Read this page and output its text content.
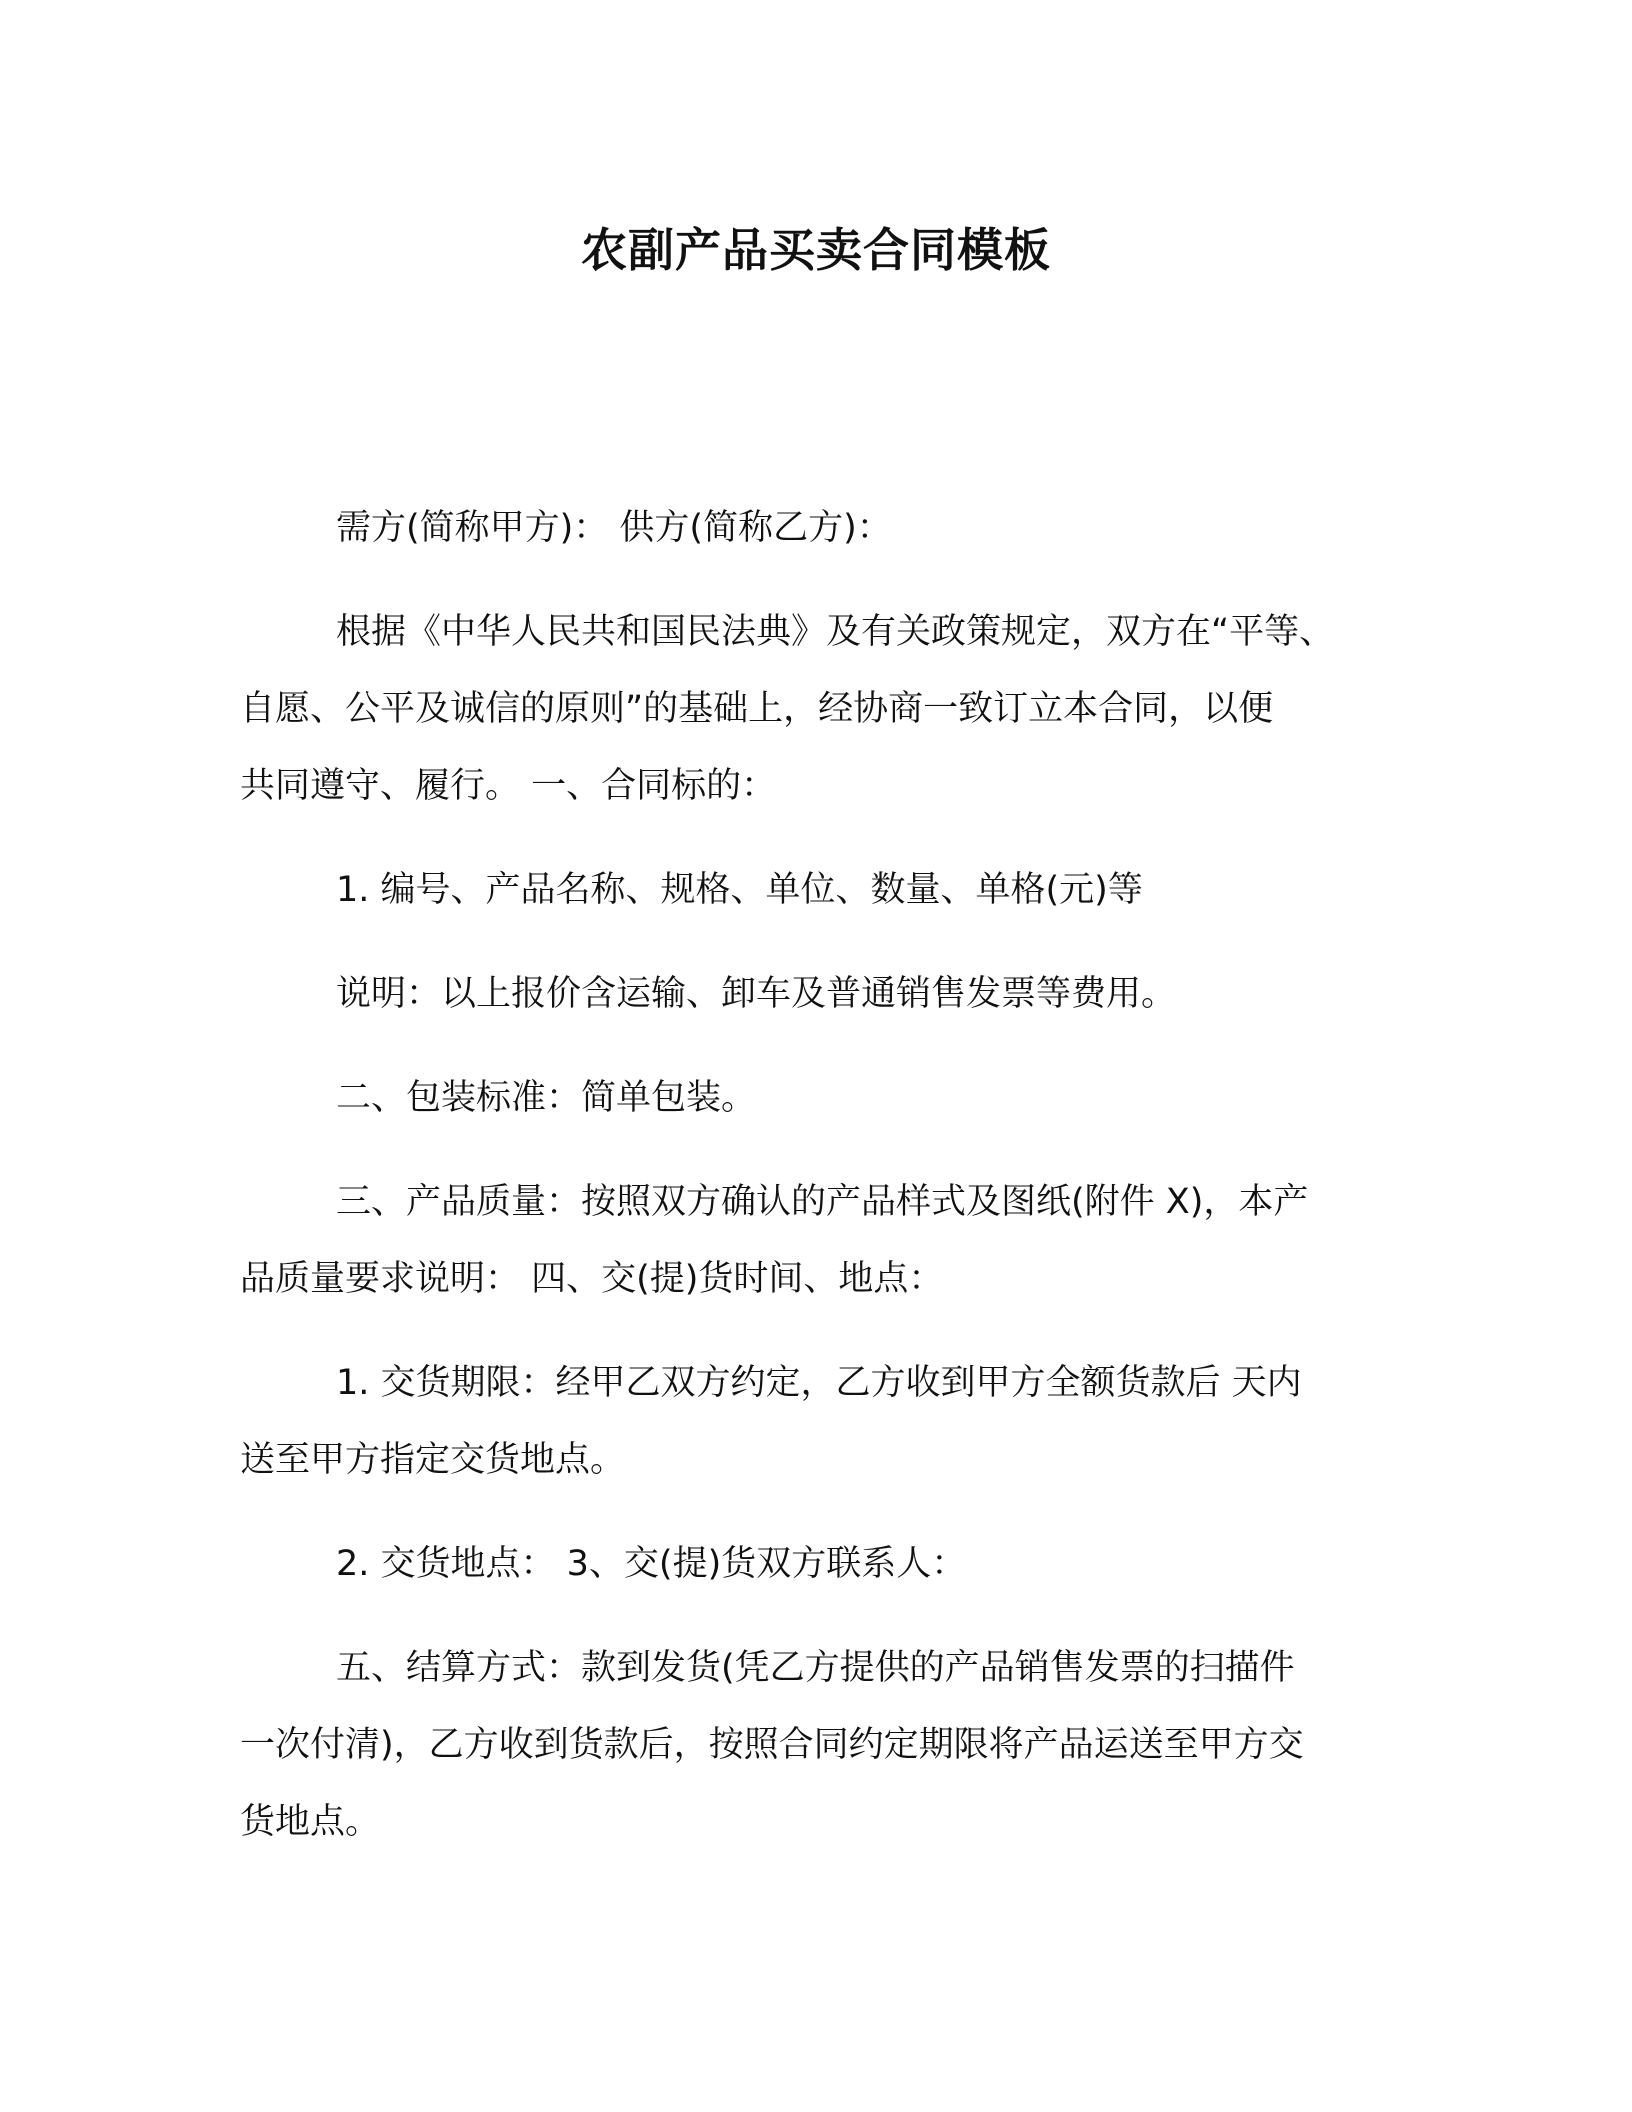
农副产品买卖合同模板

需方(简称甲方)： 供方(简称乙方)：

根据《中华人民共和国民法典》及有关政策规定，双方在“平等、
自愿、公平及诚信的原则”的基础上，经协商一致订立本合同，以便
共同遵守、履行。 一、合同标的：

1. 编号、产品名称、规格、单位、数量、单格(元)等

说明：以上报价含运输、卸车及普通销售发票等费用。

二、包装标准：简单包装。

三、产品质量：按照双方确认的产品样式及图纸(附件 X)，本产
品质量要求说明： 四、交(提)货时间、地点：

1. 交货期限：经甲乙双方约定，乙方收到甲方全额货款后 天内
送至甲方指定交货地点。

2. 交货地点： 3、交(提)货双方联系人：

五、结算方式：款到发货(凭乙方提供的产品销售发票的扫描件
一次付清)，乙方收到货款后，按照合同约定期限将产品运送至甲方交
货地点。
